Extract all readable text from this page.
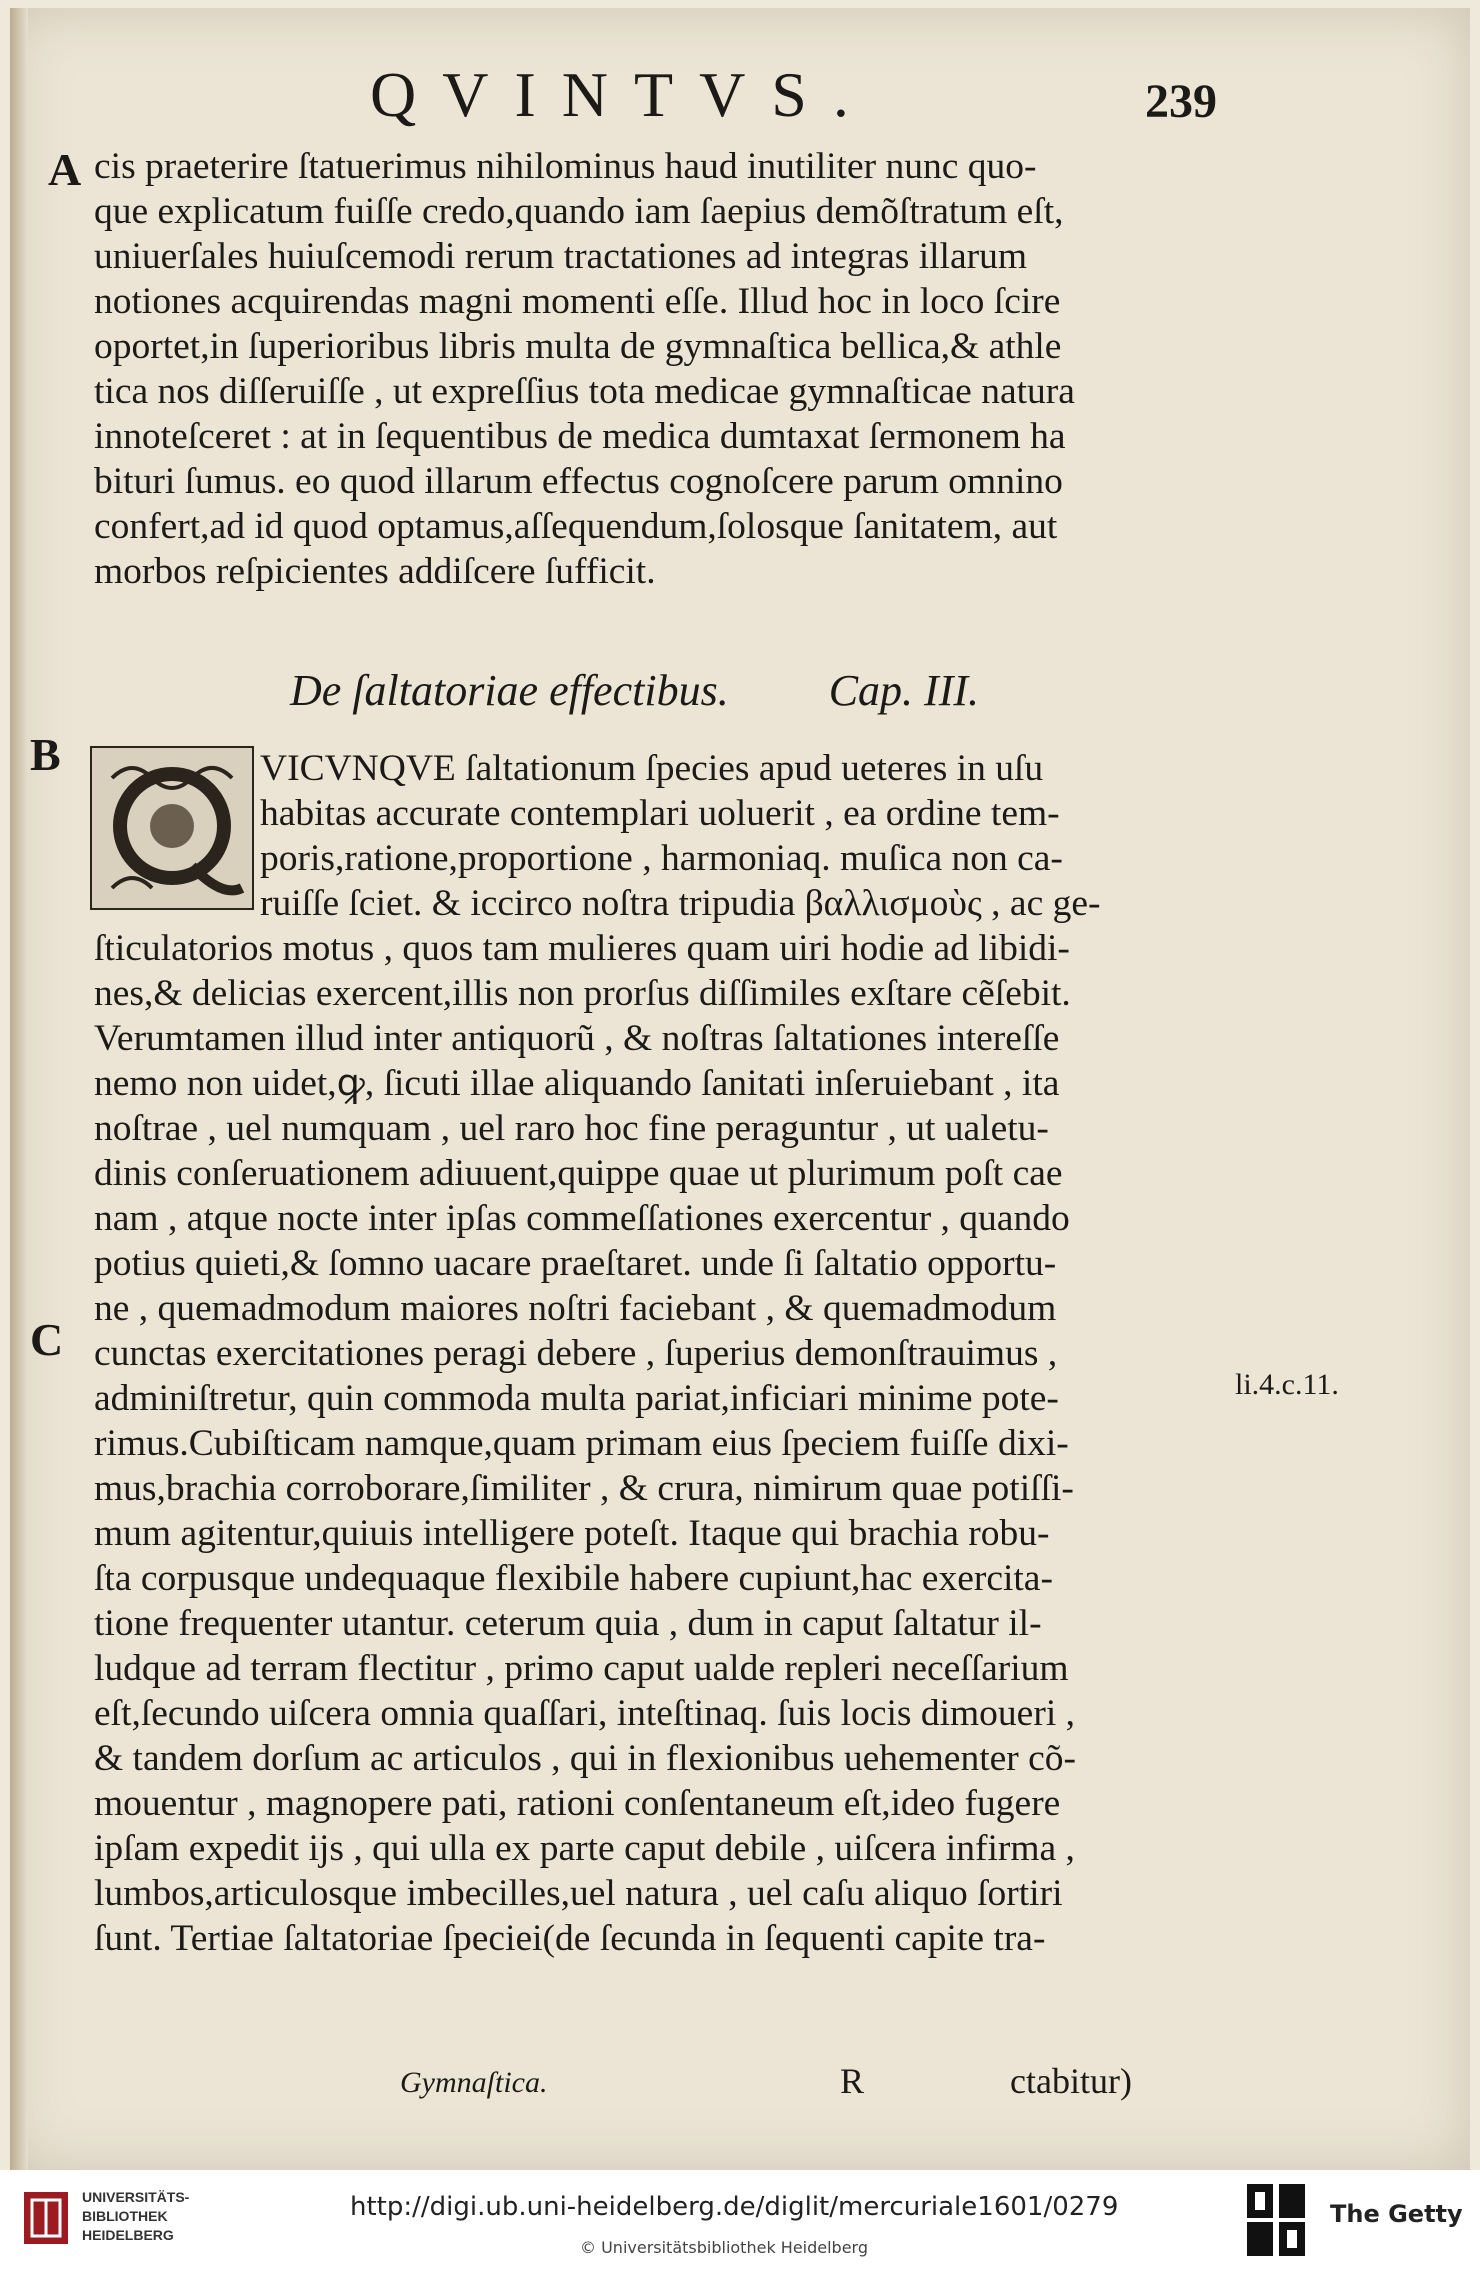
QVINTVS.	239
A
B
C
cis praeterire ſtatuerimus nihilominus haud inutiliter nunc quo-
que explicatum fuiſſe credo,quando iam ſaepius demõſtratum eſt,
uniuerſales huiuſcemodi rerum tractationes ad integras illarum
notiones acquirendas magni momenti eſſe. Illud hoc in loco ſcire
oportet,in ſuperioribus libris multa de gymnaſtica bellica,& athle
tica nos diſſeruiſſe , ut expreſſius tota medicae gymnaſticae natura
innoteſceret : at in ſequentibus de medica dumtaxat ſermonem ha
bituri ſumus. eo quod illarum effectus cognoſcere parum omnino
confert,ad id quod optamus,aſſequendum,ſolosque ſanitatem, aut
morbos reſpicientes addiſcere ſufficit.
De ſaltatoriae effectibus. Cap. III.
VICVNQVE ſaltationum ſpecies apud ueteres in uſu
habitas accurate contemplari uoluerit , ea ordine tem-
poris,ratione,proportione , harmoniaq. muſica non ca-
ruiſſe ſciet. & iccirco noſtra tripudia βαλλισμοὺς , ac ge-
ſticulatorios motus , quos tam mulieres quam uiri hodie ad libidi-
nes,& delicias exercent,illis non prorſus diſſimiles exſtare cẽſebit.
Verumtamen illud inter antiquorũ , & noſtras ſaltationes intereſſe
nemo non uidet,ꝙ, ſicuti illae aliquando ſanitati inſeruiebant , ita
noſtrae , uel numquam , uel raro hoc fine peraguntur , ut ualetu-
dinis conſeruationem adiuuent,quippe quae ut plurimum poſt cae
nam , atque nocte inter ipſas commeſſationes exercentur , quando
potius quieti,& ſomno uacare praeſtaret. unde ſi ſaltatio opportu-
ne , quemadmodum maiores noſtri faciebant , & quemadmodum
cunctas exercitationes peragi debere , ſuperius demonſtrauimus ,
adminiſtretur, quin commoda multa pariat,inficiari minime pote-
rimus.Cubiſticam namque,quam primam eius ſpeciem fuiſſe dixi-
mus,brachia corroborare,ſimiliter , & crura, nimirum quae potiſſi-
mum agitentur,quiuis intelligere poteſt. Itaque qui brachia robu-
ſta corpusque undequaque flexibile habere cupiunt,hac exercita-
tione frequenter utantur. ceterum quia , dum in caput ſaltatur il-
ludque ad terram flectitur , primo caput ualde repleri neceſſarium
eſt,ſecundo uiſcera omnia quaſſari, inteſtinaq. ſuis locis dimoueri ,
& tandem dorſum ac articulos , qui in flexionibus uehementer cõ-
mouentur , magnopere pati, rationi conſentaneum eſt,ideo fugere
ipſam expedit ijs , qui ulla ex parte caput debile , uiſcera infirma ,
lumbos,articulosque imbecilles,uel natura , uel caſu aliquo ſortiri
ſunt. Tertiae ſaltatoriae ſpeciei(de ſecunda in ſequenti capite tra-
li.4.c.11.
Gymnaſtica.	R	ctabitur)
UNIVERSITÄTS-
BIBLIOTHEK
HEIDELBERG
http://digi.ub.uni-heidelberg.de/diglit/mercuriale1601/0279
© Universitätsbibliothek Heidelberg
The Getty
